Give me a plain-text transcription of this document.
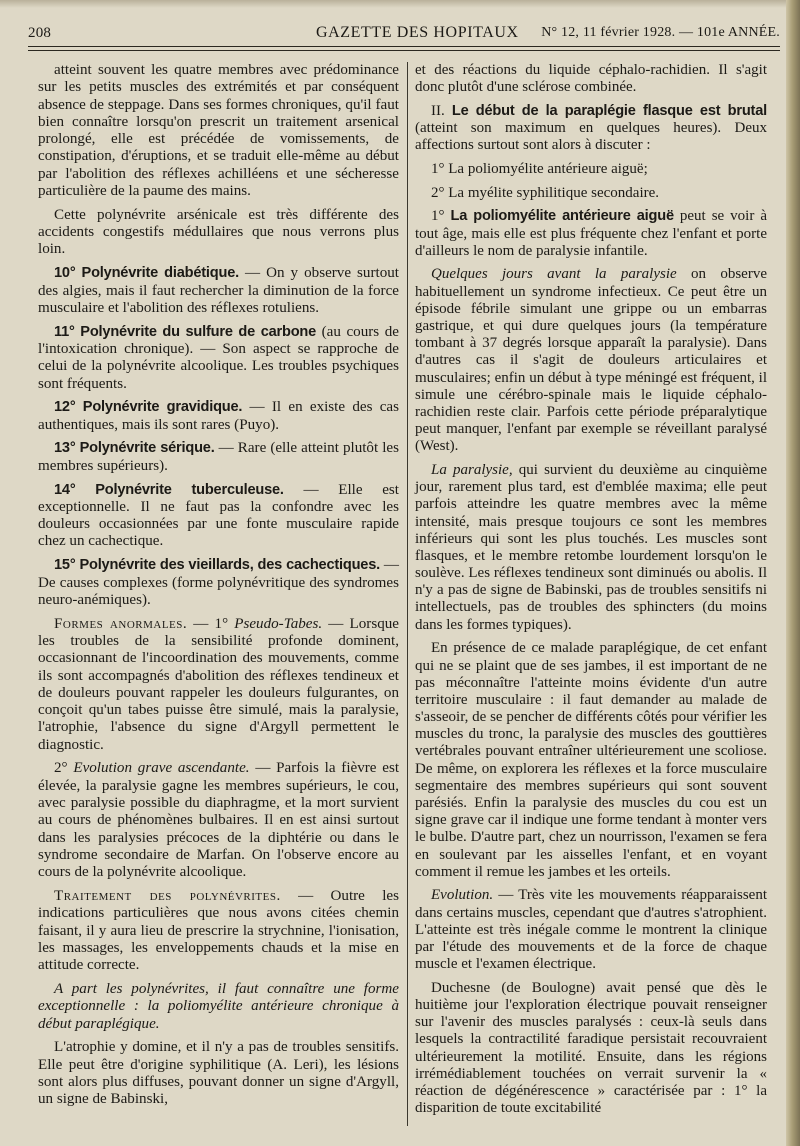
208	GAZETTE DES HOPITAUX N° 12, 11 février 1928. — 101e ANNÉE.

atteint souvent les quatre membres avec prédominance sur les petits muscles des extrémités et par conséquent absence de steppage. Dans ses formes chroniques, qu'il faut bien connaître lorsqu'on prescrit un traitement arsenical prolongé, elle est précédée de vomissements, de constipation, d'éruptions, et se traduit elle-même au début par l'abolition des réflexes achilléens et une sécheresse particulière de la paume des mains.

Cette polynévrite arsénicale est très différente des accidents congestifs médullaires que nous verrons plus loin.

10° Polynévrite diabétique. — On y observe surtout des algies, mais il faut rechercher la diminution de la force musculaire et l'abolition des réflexes rotuliens.

11° Polynévrite du sulfure de carbone (au cours de l'intoxication chronique). — Son aspect se rapproche de celui de la polynévrite alcoolique. Les troubles psychiques sont fréquents.

12° Polynévrite gravidique. — Il en existe des cas authentiques, mais ils sont rares (Puyo).

13° Polynévrite sérique. — Rare (elle atteint plutôt les membres supérieurs).

14° Polynévrite tuberculeuse. — Elle est exceptionnelle. Il ne faut pas la confondre avec les douleurs occasionnées par une fonte musculaire rapide chez un cachectique.

15° Polynévrite des vieillards, des cachectiques. — De causes complexes (forme polynévritique des syndromes neuro-anémiques).

Formes anormales. — 1° Pseudo-Tabes. — Lorsque les troubles de la sensibilité profonde dominent, occasionnant de l'incoordination des mouvements, comme ils sont accompagnés d'abolition des réflexes tendineux et de douleurs pouvant rappeler les douleurs fulgurantes, on conçoit qu'un tabes puisse être simulé, mais la paralysie, l'atrophie, l'absence du signe d'Argyll permettent le diagnostic.

2° Evolution grave ascendante. — Parfois la fièvre est élevée, la paralysie gagne les membres supérieurs, le cou, avec paralysie possible du diaphragme, et la mort survient au cours de phénomènes bulbaires. Il en est ainsi surtout dans les paralysies précoces de la diphtérie ou dans le syndrome secondaire de Marfan. On l'observe encore au cours de la polynévrite alcoolique.

Traitement des polynévrites. — Outre les indications particulières que nous avons citées chemin faisant, il y aura lieu de prescrire la strychnine, l'ionisation, les massages, les enveloppements chauds et la mise en attitude correcte.

A part les polynévrites, il faut connaître une forme exceptionnelle : la poliomyélite antérieure chronique à début paraplégique.

L'atrophie y domine, et il n'y a pas de troubles sensitifs. Elle peut être d'origine syphilitique (A. Leri), les lésions sont alors plus diffuses, pouvant donner un signe d'Argyll, un signe de Babinski,

et des réactions du liquide céphalo-rachidien. Il s'agit donc plutôt d'une sclérose combinée.

II. Le début de la paraplégie flasque est brutal (atteint son maximum en quelques heures). Deux affections surtout sont alors à discuter :

1° La poliomyélite antérieure aiguë;

2° La myélite syphilitique secondaire.

1° La poliomyélite antérieure aiguë peut se voir à tout âge, mais elle est plus fréquente chez l'enfant et porte d'ailleurs le nom de paralysie infantile.

Quelques jours avant la paralysie on observe habituellement un syndrome infectieux. Ce peut être un épisode fébrile simulant une grippe ou un embarras gastrique, et qui dure quelques jours (la température tombant à 37 degrés lorsque apparaît la paralysie). Dans d'autres cas il s'agit de douleurs articulaires et musculaires; enfin un début à type méningé est fréquent, il simule une cérébro-spinale mais le liquide céphalo-rachidien reste clair. Parfois cette période préparalytique peut manquer, l'enfant par exemple se réveillant paralysé (West).

La paralysie, qui survient du deuxième au cinquième jour, rarement plus tard, est d'emblée maxima; elle peut parfois atteindre les quatre membres avec la même intensité, mais presque toujours ce sont les membres inférieurs qui sont les plus touchés. Les muscles sont flasques, et le membre retombe lourdement lorsqu'on le soulève. Les réflexes tendineux sont diminués ou abolis. Il n'y a pas de signe de Babinski, pas de troubles sensitifs ni intellectuels, pas de troubles des sphincters (du moins dans les formes typiques).

En présence de ce malade paraplégique, de cet enfant qui ne se plaint que de ses jambes, il est important de ne pas méconnaître l'atteinte moins évidente d'un autre territoire musculaire : il faut demander au malade de s'asseoir, de se pencher de différents côtés pour vérifier les muscles du tronc, la paralysie des muscles des gouttières vertébrales pouvant entraîner ultérieurement une scoliose. De même, on explorera les réflexes et la force musculaire segmentaire des membres supérieurs qui sont souvent parésiés. Enfin la paralysie des muscles du cou est un signe grave car il indique une forme tendant à monter vers le bulbe. D'autre part, chez un nourrisson, l'examen se fera en soulevant par les aisselles l'enfant, et en voyant comment il remue les jambes et les orteils.

Evolution. — Très vite les mouvements réapparaissent dans certains muscles, cependant que d'autres s'atrophient. L'atteinte est très inégale comme le montrent la clinique par l'étude des mouvements et de la force de chaque muscle et l'examen électrique.

Duchesne (de Boulogne) avait pensé que dès le huitième jour l'exploration électrique pouvait renseigner sur l'avenir des muscles paralysés : ceux-là seuls dans lesquels la contractilité faradique persistait recouvraient ultérieurement la motilité. Ensuite, dans les régions irrémédiablement touchées on verrait survenir la « réaction de dégénérescence » caractérisée par : 1° la disparition de toute excitabilité
